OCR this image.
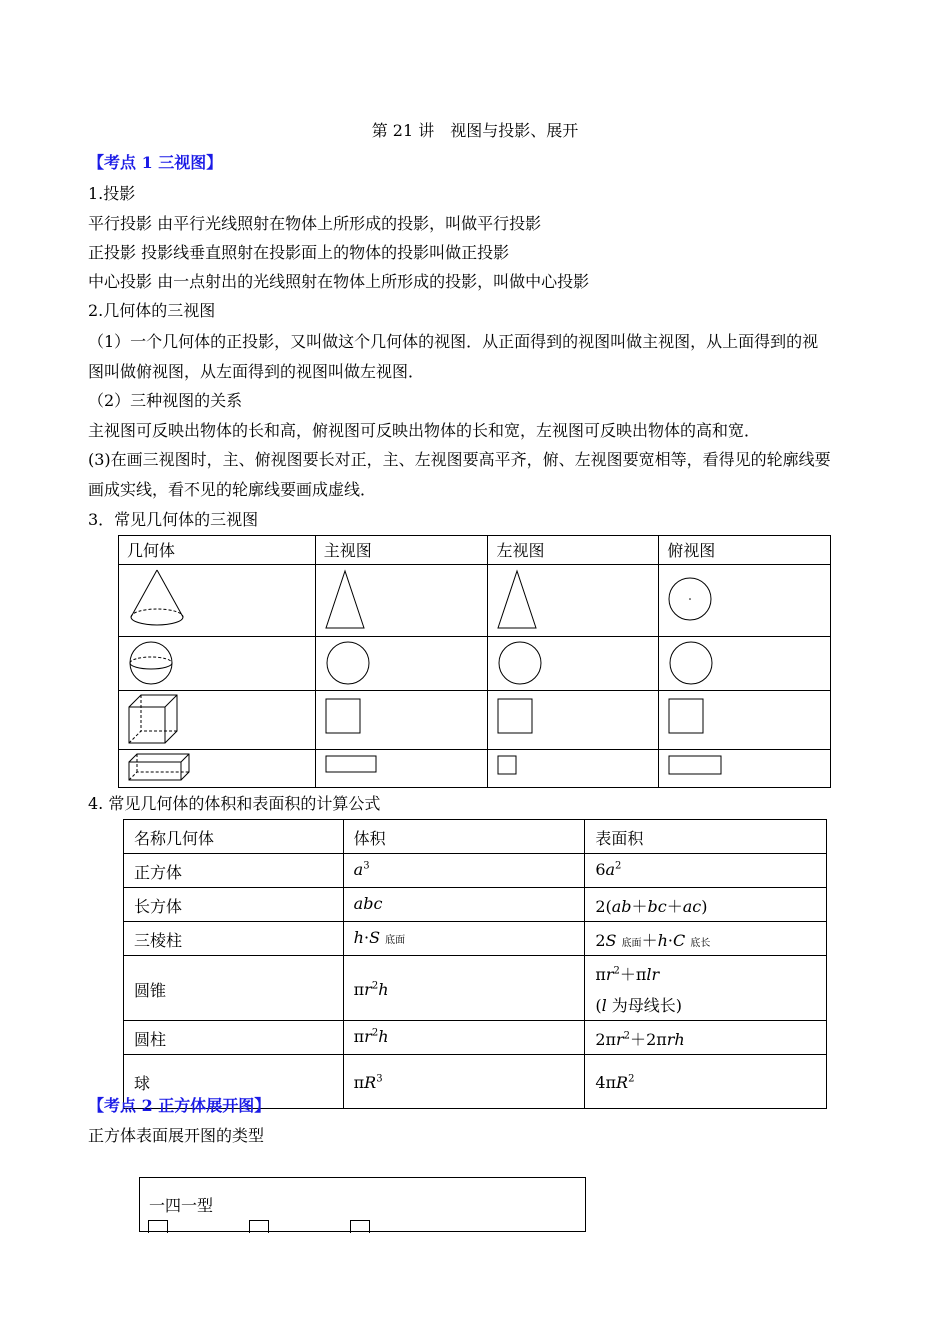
第 21 讲　视图与投影、展开
【考点 1 三视图】
1.投影
平行投影 由平行光线照射在物体上所形成的投影，叫做平行投影
正投影 投影线垂直照射在投影面上的物体的投影叫做正投影
中心投影 由一点射出的光线照射在物体上所形成的投影，叫做中心投影
2.几何体的三视图
（1）一个几何体的正投影，又叫做这个几何体的视图．从正面得到的视图叫做主视图，从上面得到的视
图叫做俯视图，从左面得到的视图叫做左视图．
（2）三种视图的关系
主视图可反映出物体的长和高，俯视图可反映出物体的长和宽，左视图可反映出物体的高和宽．
(3)在画三视图时，主、俯视图要长对正，主、左视图要高平齐，俯、左视图要宽相等，看得见的轮廓线要
画成实线，看不见的轮廓线要画成虚线．
3．常见几何体的三视图
几何体	主视图	左视图	俯视图

4. 常见几何体的体积和表面积的计算公式
名称几何体	体积	表面积
正方体	$a^3$	$6a^2$
长方体	abc	2(ab＋bc＋ac)
三棱柱	h·S 底面	2S 底面＋h·C 底长
圆锥	$\pi r^2h$	$\pi r^2+\pi lr$
(l 为母线长)

圆柱	$\pi r^2h$	$2\pi r^2+2\pi rh$
球	$\pi R^3$	$4\pi R^2$
【考点 2 正方体展开图】
正方体表面展开图的类型
一四一型
